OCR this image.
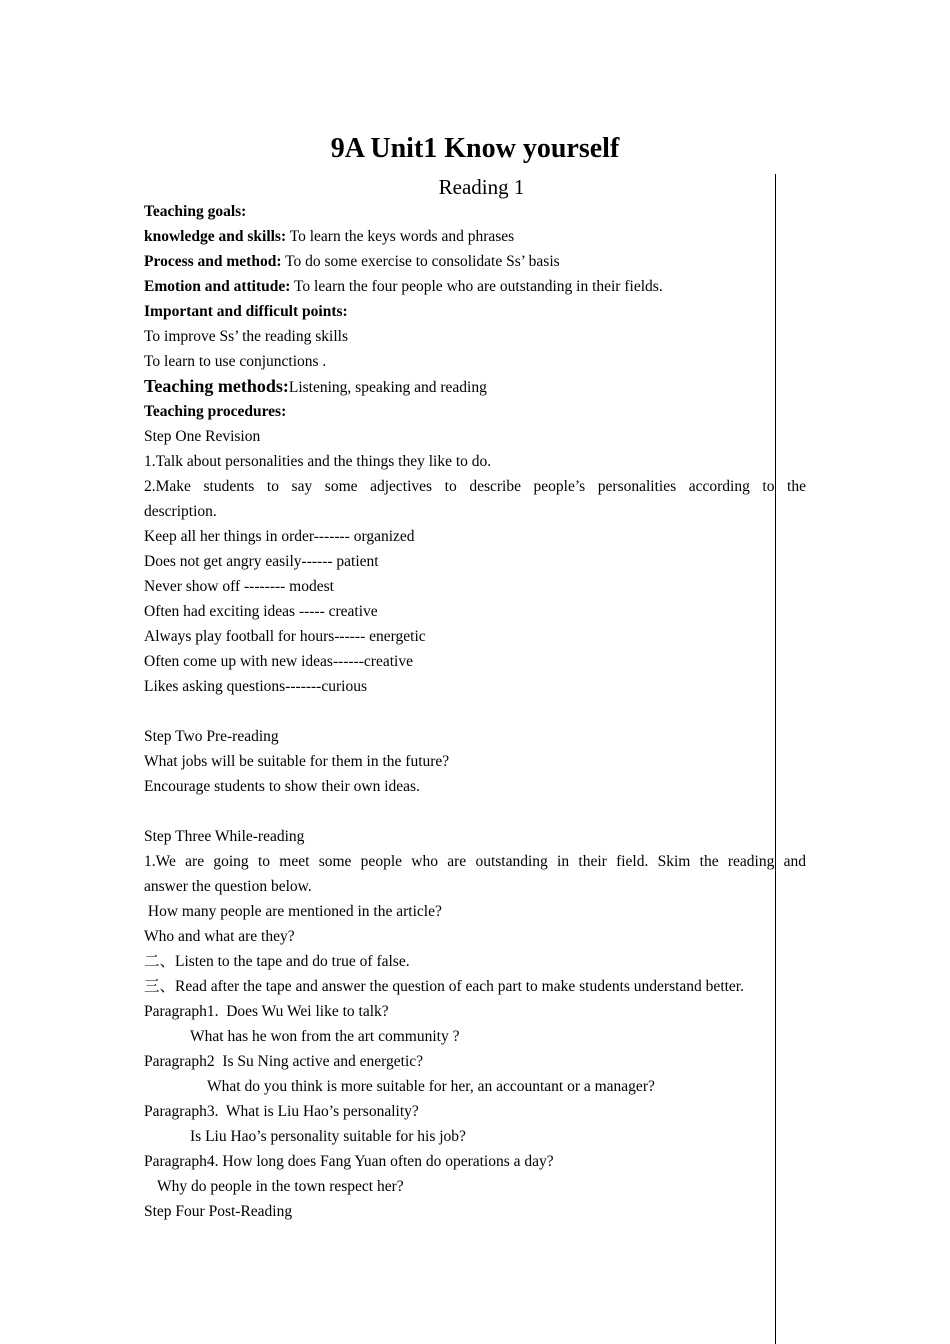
9A Unit1 Know yourself
Reading 1
Teaching goals:
knowledge and skills: To learn the keys words and phrases
Process and method: To do some exercise to consolidate Ss’ basis
Emotion and attitude: To learn the four people who are outstanding in their fields.
Important and difficult points:
To improve Ss’ the reading skills
To learn to use conjunctions .
Teaching methods:Listening, speaking and reading
Teaching procedures:
Step One Revision
1.Talk about personalities and the things they like to do.
2.Make students to say some adjectives to describe people’s personalities according to the
description.
Keep all her things in order------- organized
Does not get angry easily------ patient
Never show off -------- modest
Often had exciting ideas ----- creative
Always play football for hours------ energetic
Often come up with new ideas------creative
Likes asking questions-------curious
Step Two Pre-reading
What jobs will be suitable for them in the future?
Encourage students to show their own ideas.
Step Three While-reading
1.We are going to meet some people who are outstanding in their field. Skim the reading and
answer the question below.
How many people are mentioned in the article?
Who and what are they?
二、Listen to the tape and do true of false.
三、Read after the tape and answer the question of each part to make students understand better.
Paragraph1.  Does Wu Wei like to talk?
What has he won from the art community ?
Paragraph2  Is Su Ning active and energetic?
What do you think is more suitable for her, an accountant or a manager?
Paragraph3.  What is Liu Hao’s personality?
Is Liu Hao’s personality suitable for his job?
Paragraph4. How long does Fang Yuan often do operations a day?
Why do people in the town respect her?
Step Four Post-Reading
